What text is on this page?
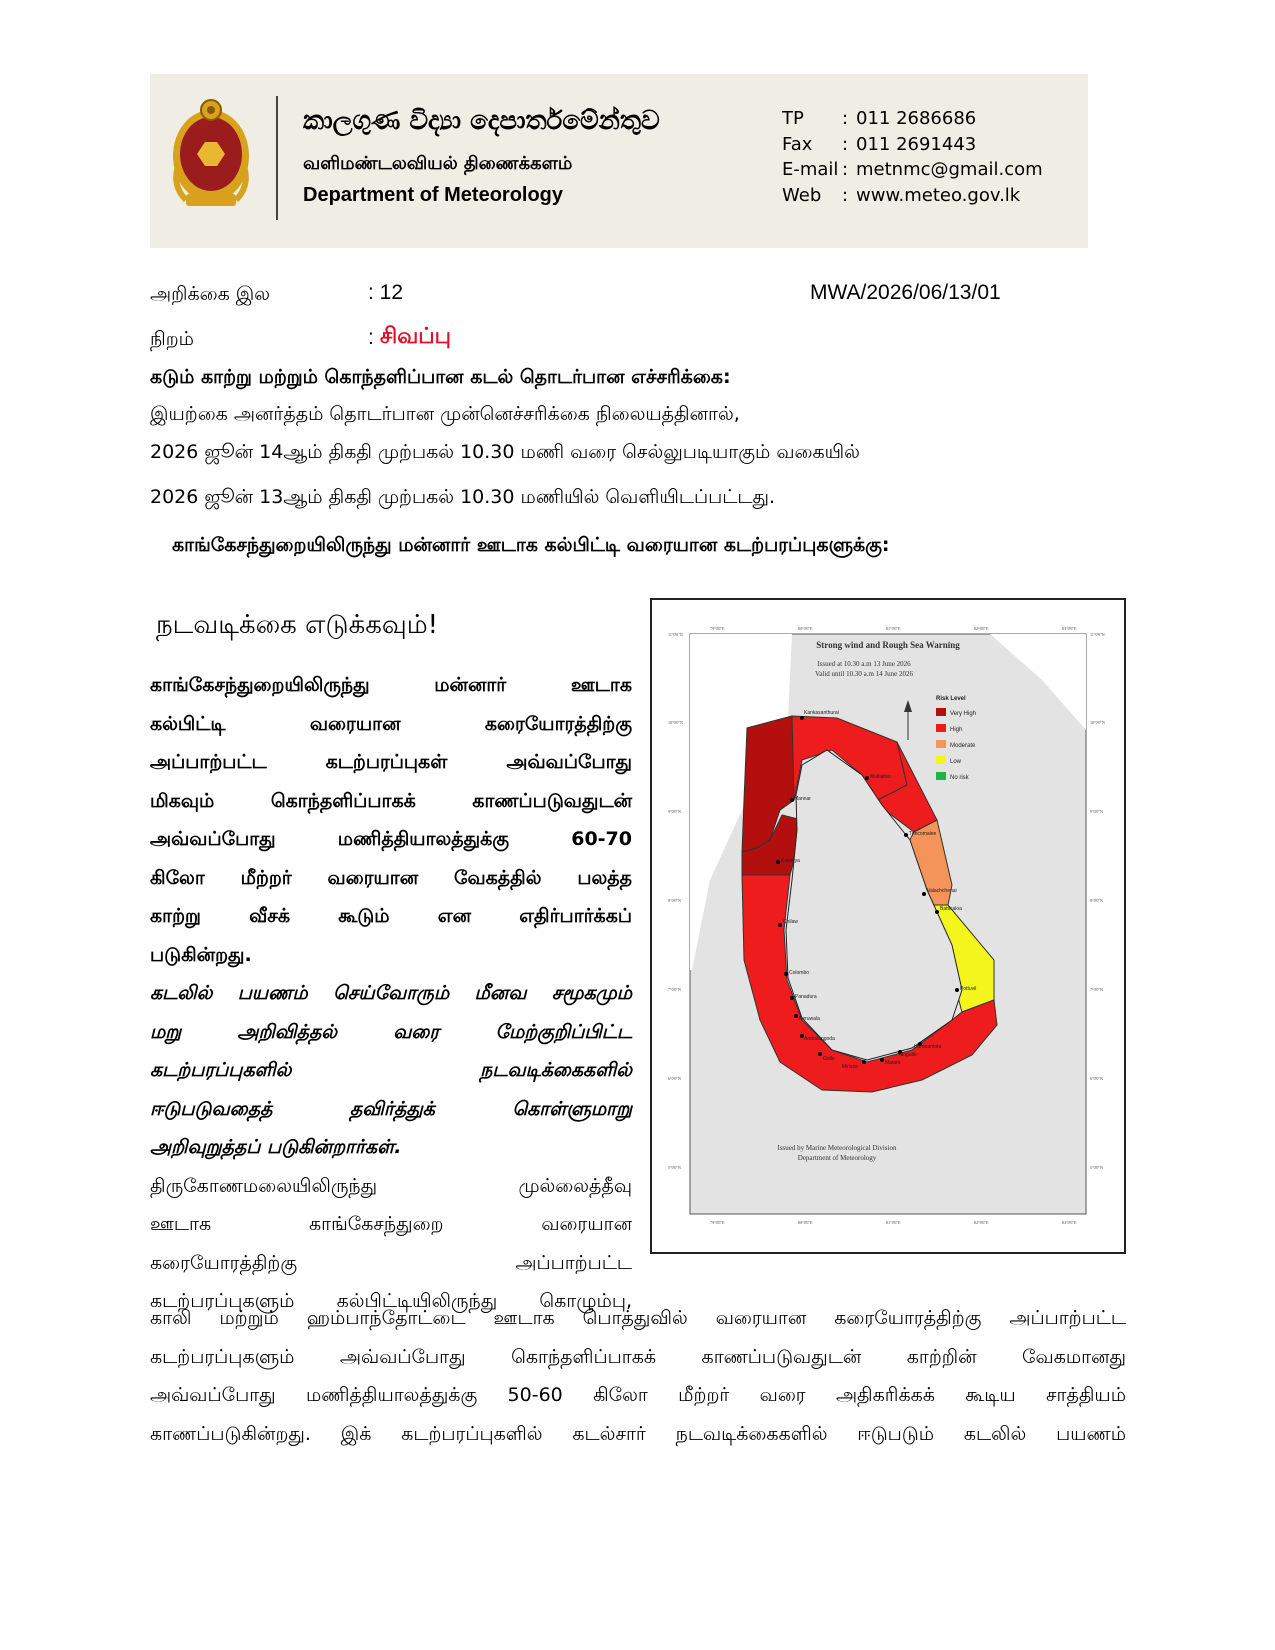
කාලගුණ විද්‍යා දෙපාර්තමේන්තුව
வளிமண்டலவியல் திணைக்களம்
Department of Meteorology
TP	: 011 2686686
Fax	: 011 2691443
E-mail : metnmc@gmail.com
Web	: www.meteo.gov.lk
அறிக்கை இல	: 12	MWA/2026/06/13/01
நிறம்	: சிவப்பு
கடும் காற்று மற்றும் கொந்தளிப்பான கடல் தொடர்பான எச்சரிக்கை:
இயற்கை அனர்த்தம் தொடர்பான முன்னெச்சரிக்கை நிலையத்தினால்,
2026 ஜூன் 14ஆம் திகதி முற்பகல் 10.30 மணி வரை செல்லுபடியாகும் வகையில்
2026 ஜூன் 13ஆம் திகதி முற்பகல் 10.30 மணியில் வெளியிடப்பட்டது.
காங்கேசந்துறையிலிருந்து மன்னார் ஊடாக கல்பிட்டி வரையான கடற்பரப்புகளுக்கு:
நடவடிக்கை எடுக்கவும்!

காங்கேசந்துறையிலிருந்து மன்னார் ஊடாக

கல்பிட்டி வரையான கரையோரத்திற்கு

அப்பாற்பட்ட கடற்பரப்புகள் அவ்வப்போது

மிகவும் கொந்தளிப்பாகக் காணப்படுவதுடன்

அவ்வப்போது மணித்தியாலத்துக்கு 60-70

கிலோ மீற்றர் வரையான வேகத்தில் பலத்த

காற்று வீசக் கூடும் என எதிர்பார்க்கப்

படுகின்றது.

கடலில் பயணம் செய்வோரும் மீனவ சமூகமும்

மறு அறிவித்தல் வரை மேற்குறிப்பிட்ட

கடற்பரப்புகளில் நடவடிக்கைகளில்

ஈடுபடுவதைத் தவிர்த்துக் கொள்ளுமாறு

அறிவுறுத்தப் படுகின்றார்கள்.

திருகோணமலையிலிருந்து முல்லைத்தீவு

ஊடாக காங்கேசந்துறை வரையான

கரையோரத்திற்கு அப்பாற்பட்ட

கடற்பரப்புகளும் கல்பிட்டியிலிருந்து கொழும்பு,

79°0'0"E	80°0'0"E	81°0'0"E	82°0'0"E	83°0'0"E
79°0'0"E	80°0'0"E	81°0'0"E	82°0'0"E	83°0'0"E
11°0'0"N
10°0'0"N
9°0'0"N
8°0'0"N
7°0'0"N
6°0'0"N
5°0'0"N
11°0'0"N
10°0'0"N
9°0'0"N
8°0'0"N
7°0'0"N
6°0'0"N
5°0'0"N
Strong wind and Rough Sea Warning
Issued at 10.30 a.m 13 June 2026
Valid until 10.30 a.m 14 June 2026
Kankasanthurai
Mullaitivu
Mannar
Trincomalee
Kalpitiya
Valachchenai
Batticaloa
Chilaw
Colombo
Pottuvil
Panadura
Beruwala
Ambalangoda
Galle
Matara
Mirissa
Tangalle
Hambantota
Risk Level
Very High
High
Moderate
Low
No risk
Issued by Marine Meteorological Division
Department of Meteorology
காலி மற்றும் ஹம்பாந்தோட்டை ஊடாக பொத்துவில் வரையான கரையோரத்திற்கு அப்பாற்பட்ட
கடற்பரப்புகளும் அவ்வப்போது கொந்தளிப்பாகக் காணப்படுவதுடன் காற்றின் வேகமானது
அவ்வப்போது மணித்தியாலத்துக்கு 50-60 கிலோ மீற்றர் வரை அதிகரிக்கக் கூடிய சாத்தியம்
காணப்படுகின்றது. இக் கடற்பரப்புகளில் கடல்சார் நடவடிக்கைகளில் ஈடுபடும் கடலில் பயணம்
